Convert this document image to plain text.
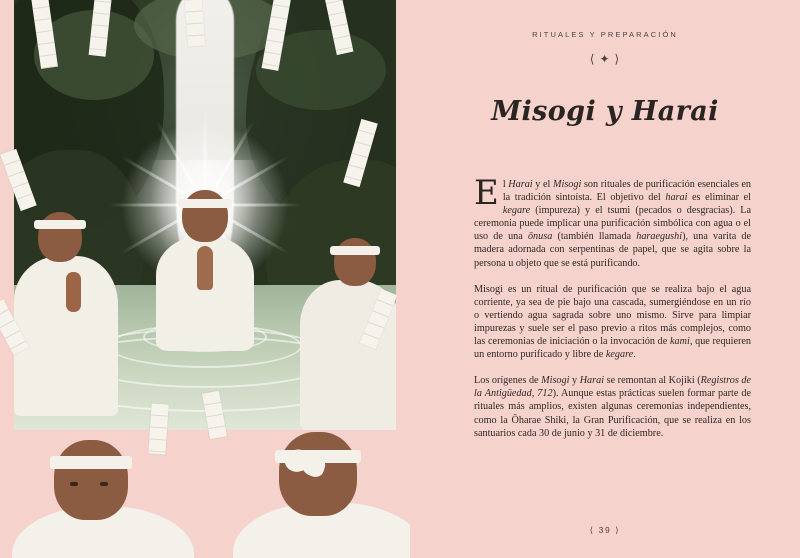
RITUALES Y PREPARACIÓN
⟨ ✦ ⟩
Misogi y Harai

El Harai y el Misogi son rituales de purificación esenciales en la tradición sintoísta. El objetivo del harai es eliminar el kegare (impureza) y el tsumi (pecados o desgracias). La ceremonia puede implicar una purificación simbólica con agua o el uso de una ōnusa (también llamada haraegushi), una varita de madera adornada con serpentinas de papel, que se agita sobre la persona u objeto que se está purificando.

Misogi es un ritual de purificación que se realiza bajo el agua corriente, ya sea de pie bajo una cascada, sumergiéndose en un río o vertiendo agua sagrada sobre uno mismo. Sirve para limpiar impurezas y suele ser el paso previo a ritos más complejos, como las ceremonias de iniciación o la invocación de kami, que requieren un entorno purificado y libre de kegare.

Los orígenes de Misogi y Harai se remontan al Kojiki (Registros de la Antigüedad, 712). Aunque estas prácticas suelen formar parte de rituales más amplios, existen algunas ceremonias independientes, como la Ōharae Shiki, la Gran Purificación, que se realiza en los santuarios cada 30 de junio y 31 de diciembre.

⟨ 39 ⟩
